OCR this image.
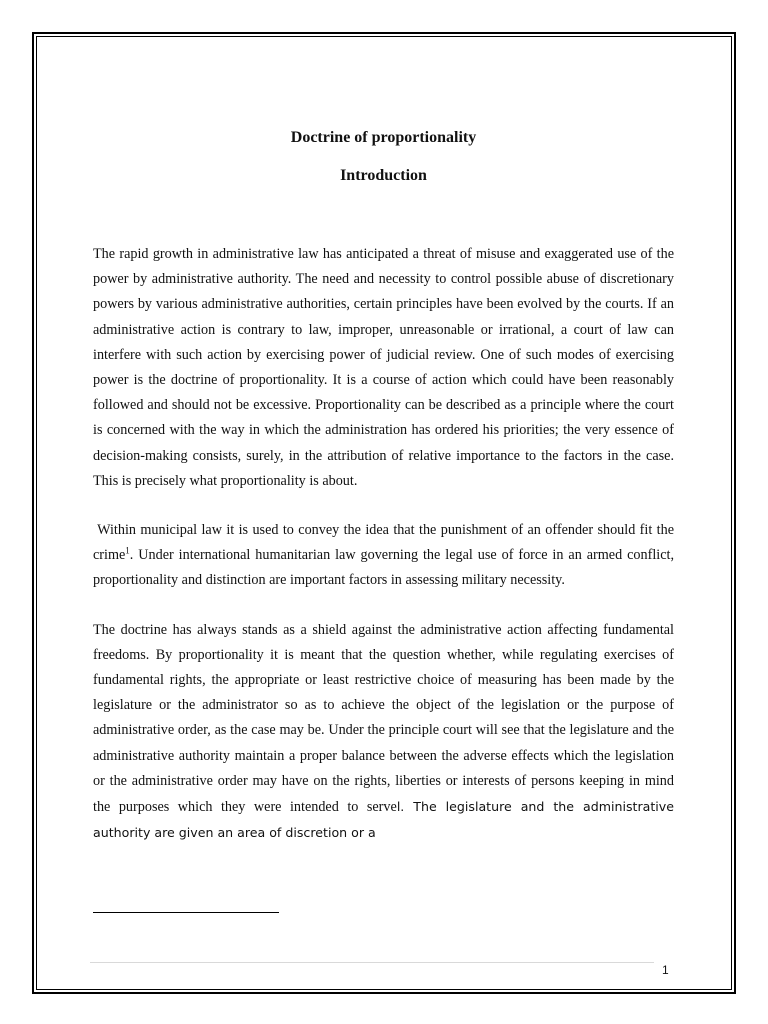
Doctrine of proportionality
Introduction

The rapid growth in administrative law has anticipated a threat of misuse and exaggerated use of the power by administrative authority. The need and necessity to control possible abuse of discretionary powers by various administrative authorities, certain principles have been evolved by the courts. If an administrative action is contrary to law, improper, unreasonable or irrational, a court of law can interfere with such action by exercising power of judicial review. One of such modes of exercising power is the doctrine of proportionality. It is a course of action which could have been reasonably followed and should not be excessive. Proportionality can be described as a principle where the court is concerned with the way in which the administration has ordered his priorities; the very essence of decision-making consists, surely, in the attribution of relative importance to the factors in the case. This is precisely what proportionality is about.

Within municipal law it is used to convey the idea that the punishment of an offender should fit the crime$^1$. Under international humanitarian law governing the legal use of force in an armed conflict, proportionality and distinction are important factors in assessing military necessity.

The doctrine has always stands as a shield against the administrative action affecting fundamental freedoms. By proportionality it is meant that the question whether, while regulating exercises of fundamental rights, the appropriate or least restrictive choice of measuring has been made by the legislature or the administrator so as to achieve the object of the legislation or the purpose of administrative order, as the case may be. Under the principle court will see that the legislature and the administrative authority maintain a proper balance between the adverse effects which the legislation or the administrative order may have on the rights, liberties or interests of persons keeping in mind the purposes which they were intended to servel. The legislature and the administrative authority are given an area of discretion or a

1
